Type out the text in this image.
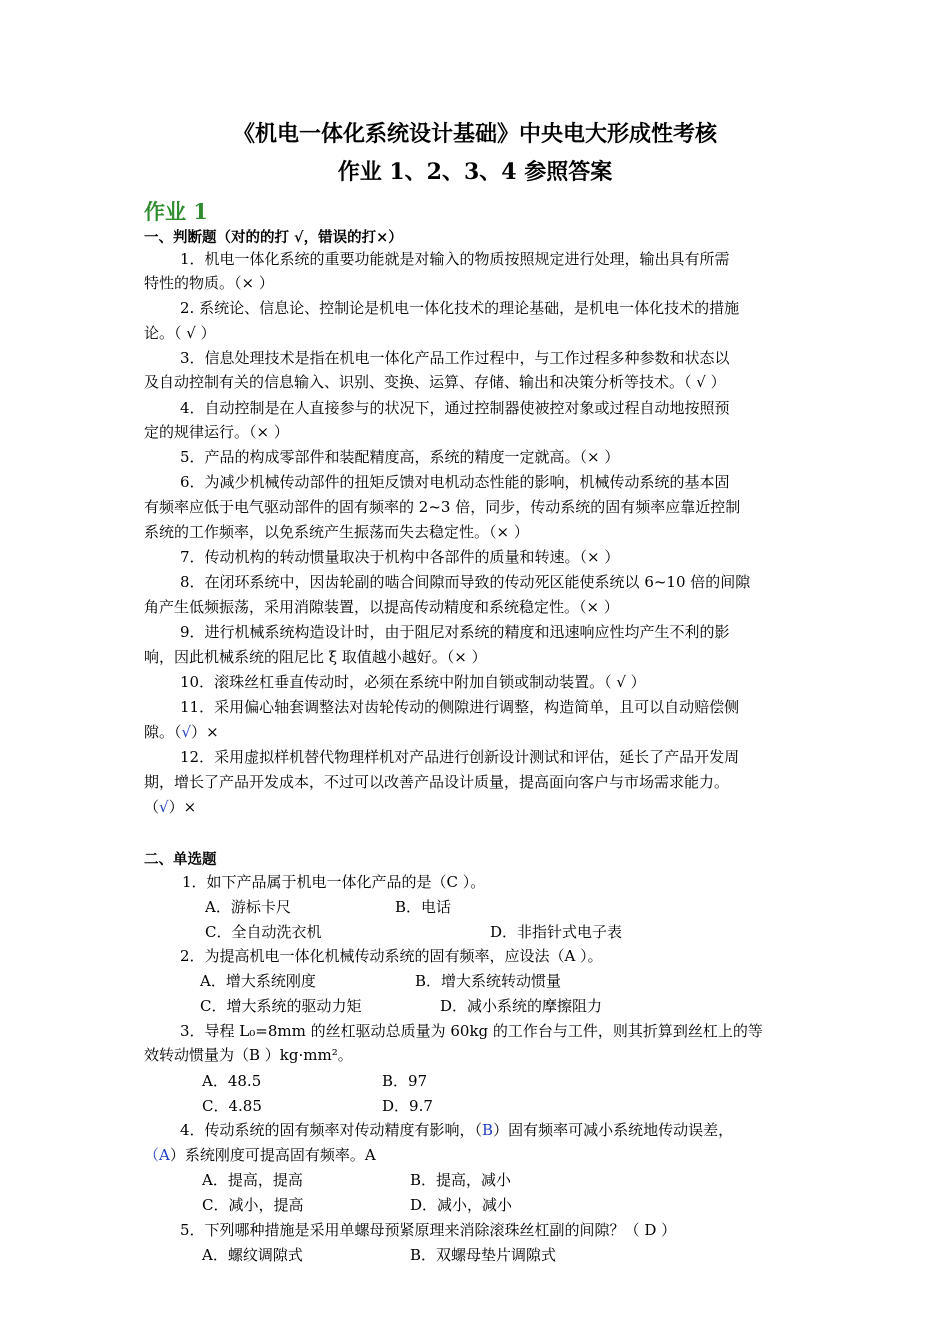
《机电一体化系统设计基础》中央电大形成性考核
作业 1、2、3、4 参照答案
作业 1
一、判断题（对的的打 √，错误的打×）
1．机电一体化系统的重要功能就是对输入的物质按照规定进行处理，输出具有所需
特性的物质。（× ）
2. 系统论、信息论、控制论是机电一体化技术的理论基础，是机电一体化技术的措施
论。（ √ ）
3．信息处理技术是指在机电一体化产品工作过程中，与工作过程多种参数和状态以
及自动控制有关的信息输入、识别、变换、运算、存储、输出和决策分析等技术。（ √ ）
4．自动控制是在人直接参与的状况下，通过控制器使被控对象或过程自动地按照预
定的规律运行。（× ）
5．产品的构成零部件和装配精度高，系统的精度一定就高。（× ）
6．为减少机械传动部件的扭矩反馈对电机动态性能的影响，机械传动系统的基本固
有频率应低于电气驱动部件的固有频率的 2~3 倍，同步，传动系统的固有频率应靠近控制
系统的工作频率，以免系统产生振荡而失去稳定性。（× ）
7．传动机构的转动惯量取决于机构中各部件的质量和转速。（× ）
8．在闭环系统中，因齿轮副的啮合间隙而导致的传动死区能使系统以 6~10 倍的间隙
角产生低频振荡，采用消隙装置，以提高传动精度和系统稳定性。（× ）
9．进行机械系统构造设计时，由于阻尼对系统的精度和迅速响应性均产生不利的影
响，因此机械系统的阻尼比 ξ 取值越小越好。（× ）
10．滚珠丝杠垂直传动时，必须在系统中附加自锁或制动装置。（ √ ）
11．采用偏心轴套调整法对齿轮传动的侧隙进行调整，构造简单，且可以自动赔偿侧
隙。（√）×
12．采用虚拟样机替代物理样机对产品进行创新设计测试和评估，延长了产品开发周
期，增长了产品开发成本，不过可以改善产品设计质量，提高面向客户与市场需求能力。
（√）×
二、单选题
1．如下产品属于机电一体化产品的是（C ）。
A．游标卡尺	B．电话
C．全自动洗衣机	D．非指针式电子表
2．为提高机电一体化机械传动系统的固有频率，应设法（A ）。
A．增大系统刚度	B．增大系统转动惯量
C．增大系统的驱动力矩	D．减小系统的摩擦阻力
3．导程 L₀=8mm 的丝杠驱动总质量为 60kg 的工作台与工件，则其折算到丝杠上的等
效转动惯量为（B ）kg·mm²。
A．48.5	B．97
C．4.85	D．9.7
4．传动系统的固有频率对传动精度有影响，（B）固有频率可减小系统地传动误差，
（A）系统刚度可提高固有频率。A
A．提高，提高	B．提高，减小
C．减小，提高	D．减小，减小
5．下列哪种措施是采用单螺母预紧原理来消除滚珠丝杠副的间隙？（ D ）
A．螺纹调隙式	B．双螺母垫片调隙式
